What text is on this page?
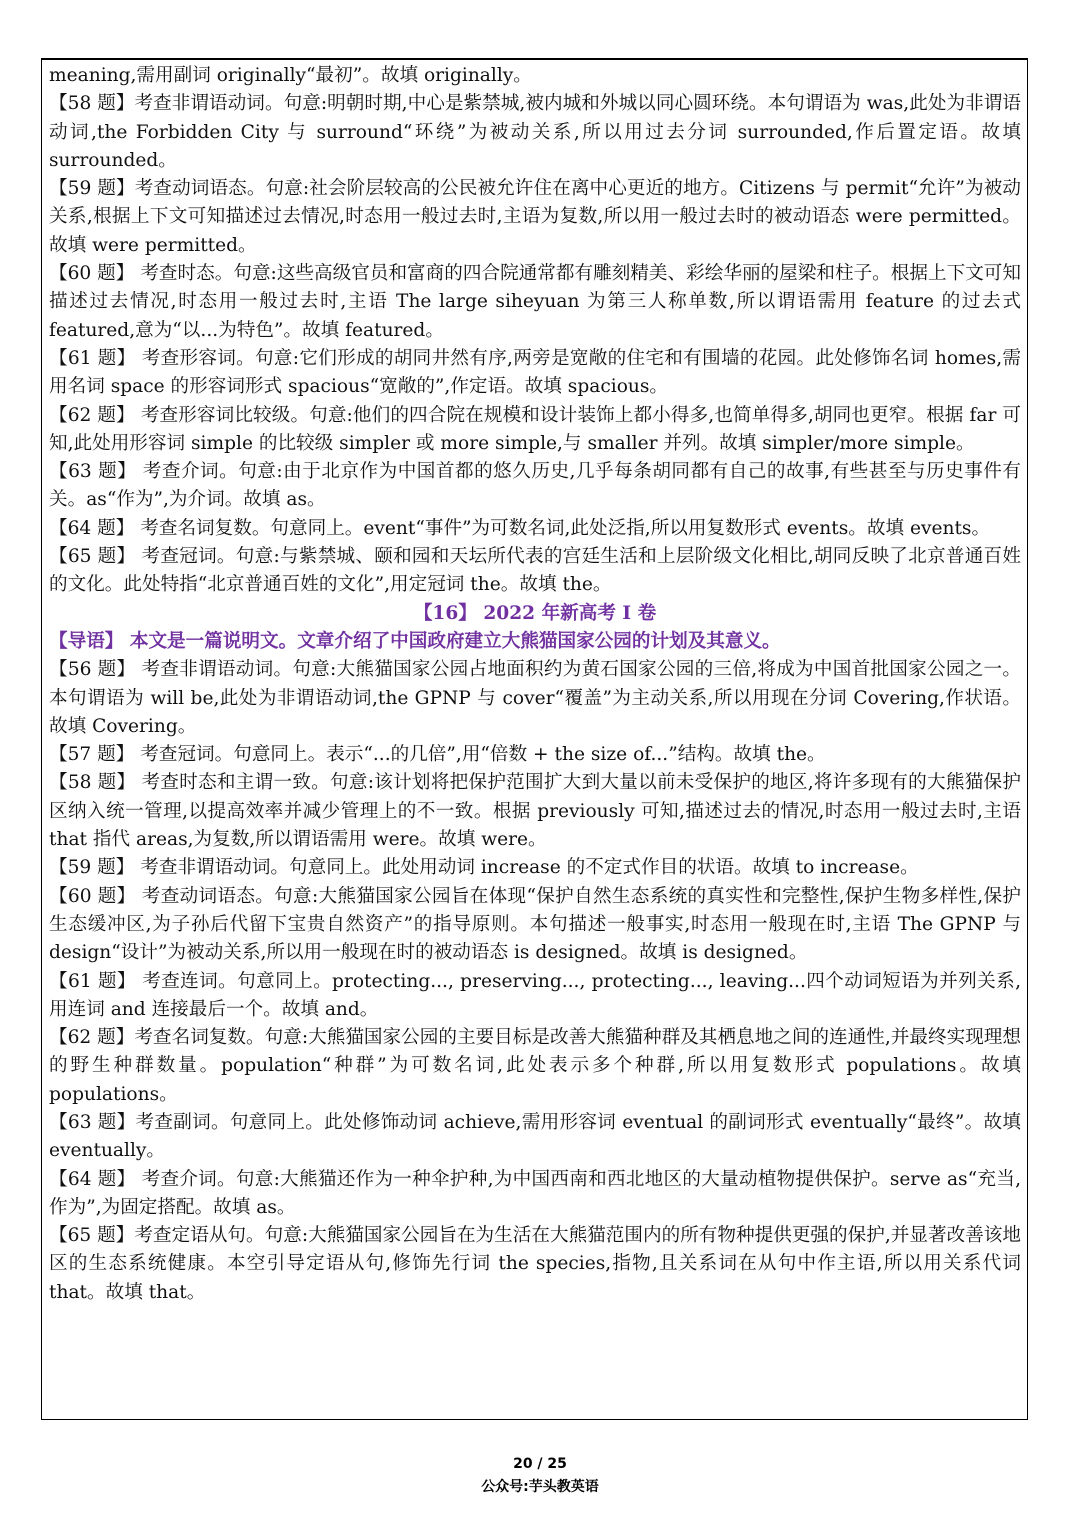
meaning,需用副词 originally“最初”。故填 originally。

【58 题】考查非谓语动词。句意:明朝时期,中心是紫禁城,被内城和外城以同心圆环绕。本句谓语为 was,此处为非谓语动词,the Forbidden City 与 surround“环绕”为被动关系,所以用过去分词 surrounded,作后置定语。故填 surrounded。

【59 题】考查动词语态。句意:社会阶层较高的公民被允许住在离中心更近的地方。Citizens 与 permit“允许”为被动关系,根据上下文可知描述过去情况,时态用一般过去时,主语为复数,所以用一般过去时的被动语态 were permitted。故填 were permitted。

【60 题】 考查时态。句意:这些高级官员和富商的四合院通常都有雕刻精美、彩绘华丽的屋梁和柱子。根据上下文可知描述过去情况,时态用一般过去时,主语 The large siheyuan 为第三人称单数,所以谓语需用 feature 的过去式 featured,意为“以...为特色”。故填 featured。

【61 题】 考查形容词。句意:它们形成的胡同井然有序,两旁是宽敞的住宅和有围墙的花园。此处修饰名词 homes,需用名词 space 的形容词形式 spacious“宽敞的”,作定语。故填 spacious。

【62 题】 考查形容词比较级。句意:他们的四合院在规模和设计装饰上都小得多,也简单得多,胡同也更窄。根据 far 可知,此处用形容词 simple 的比较级 simpler 或 more simple,与 smaller 并列。故填 simpler/more simple。

【63 题】 考查介词。句意:由于北京作为中国首都的悠久历史,几乎每条胡同都有自己的故事,有些甚至与历史事件有关。as“作为”,为介词。故填 as。

【64 题】 考查名词复数。句意同上。event“事件”为可数名词,此处泛指,所以用复数形式 events。故填 events。

【65 题】 考查冠词。句意:与紫禁城、颐和园和天坛所代表的宫廷生活和上层阶级文化相比,胡同反映了北京普通百姓的文化。此处特指“北京普通百姓的文化”,用定冠词 the。故填 the。

【16】 2022 年新高考 I 卷

【导语】 本文是一篇说明文。文章介绍了中国政府建立大熊猫国家公园的计划及其意义。

【56 题】 考查非谓语动词。句意:大熊猫国家公园占地面积约为黄石国家公园的三倍,将成为中国首批国家公园之一。本句谓语为 will be,此处为非谓语动词,the GPNP 与 cover“覆盖”为主动关系,所以用现在分词 Covering,作状语。故填 Covering。

【57 题】 考查冠词。句意同上。表示“...的几倍”,用“倍数 + the size of...”结构。故填 the。

【58 题】 考查时态和主谓一致。句意:该计划将把保护范围扩大到大量以前未受保护的地区,将许多现有的大熊猫保护区纳入统一管理,以提高效率并减少管理上的不一致。根据 previously 可知,描述过去的情况,时态用一般过去时,主语 that 指代 areas,为复数,所以谓语需用 were。故填 were。

【59 题】 考查非谓语动词。句意同上。此处用动词 increase 的不定式作目的状语。故填 to increase。

【60 题】 考查动词语态。句意:大熊猫国家公园旨在体现“保护自然生态系统的真实性和完整性,保护生物多样性,保护生态缓冲区,为子孙后代留下宝贵自然资产”的指导原则。本句描述一般事实,时态用一般现在时,主语 The GPNP 与 design“设计”为被动关系,所以用一般现在时的被动语态 is designed。故填 is designed。

【61 题】 考查连词。句意同上。protecting..., preserving..., protecting..., leaving...四个动词短语为并列关系,用连词 and 连接最后一个。故填 and。

【62 题】考查名词复数。句意:大熊猫国家公园的主要目标是改善大熊猫种群及其栖息地之间的连通性,并最终实现理想的野生种群数量。population“种群”为可数名词,此处表示多个种群,所以用复数形式 populations。故填 populations。

【63 题】考查副词。句意同上。此处修饰动词 achieve,需用形容词 eventual 的副词形式 eventually“最终”。故填 eventually。

【64 题】 考查介词。句意:大熊猫还作为一种伞护种,为中国西南和西北地区的大量动植物提供保护。serve as“充当,作为”,为固定搭配。故填 as。

【65 题】考查定语从句。句意:大熊猫国家公园旨在为生活在大熊猫范围内的所有物种提供更强的保护,并显著改善该地区的生态系统健康。本空引导定语从句,修饰先行词 the species,指物,且关系词在从句中作主语,所以用关系代词 that。故填 that。

20 / 25
公众号:芋头教英语
